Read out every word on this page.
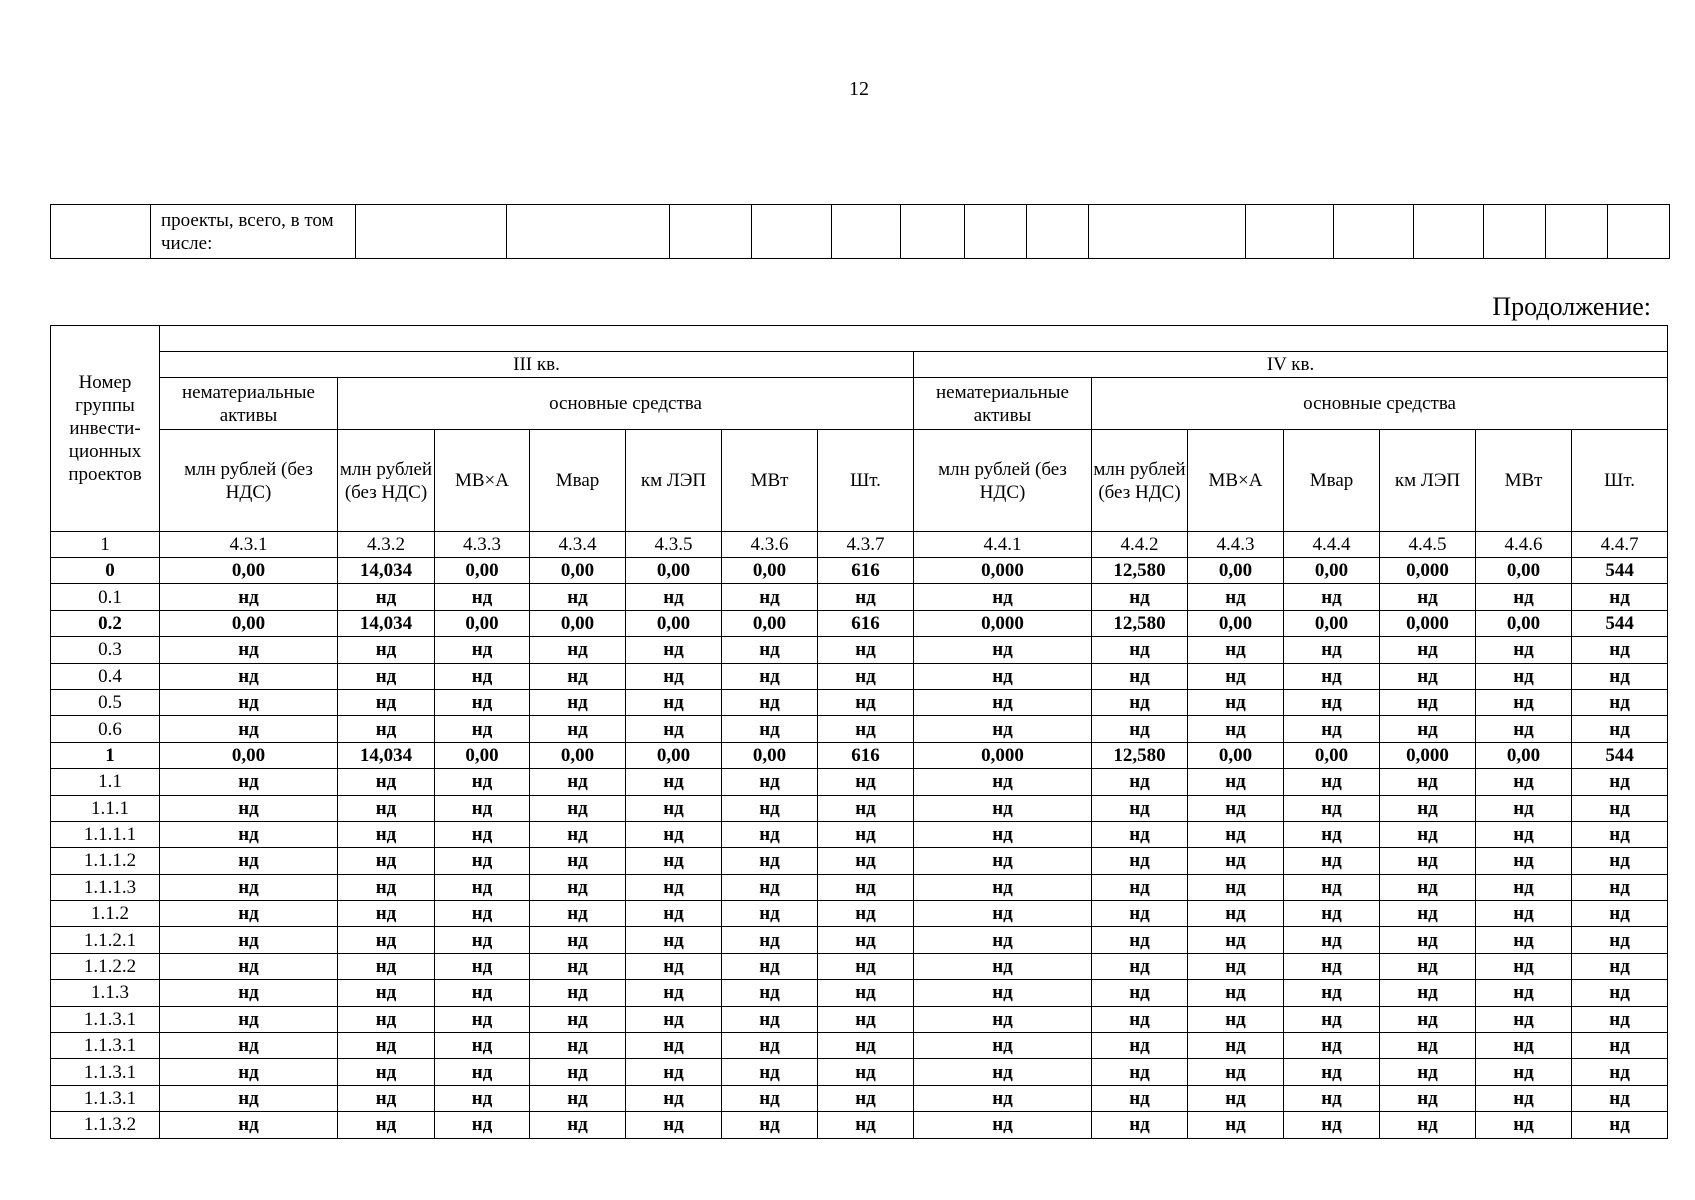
12
	проекты, всего, в том числе:															
Продолжение:
Номер группы инвести-ционных проектов														
	III кв.							IV кв.						
	нематериальные активы	основные средства						нематериальные активы	основные средства					
	млн рублей (без НДС)	млн рублей (без НДС)	МВ×А	Мвар	км ЛЭП	МВт	Шт.	млн рублей (без НДС)	млн рублей (без НДС)	МВ×А	Мвар	км ЛЭП	МВт	Шт.
1	4.3.1	4.3.2	4.3.3	4.3.4	4.3.5	4.3.6	4.3.7	4.4.1	4.4.2	4.4.3	4.4.4	4.4.5	4.4.6	4.4.7
0	0,00	14,034	0,00	0,00	0,00	0,00	616	0,000	12,580	0,00	0,00	0,000	0,00	544
0.1	нд	нд	нд	нд	нд	нд	нд	нд	нд	нд	нд	нд	нд	нд
0.2	0,00	14,034	0,00	0,00	0,00	0,00	616	0,000	12,580	0,00	0,00	0,000	0,00	544
0.3	нд	нд	нд	нд	нд	нд	нд	нд	нд	нд	нд	нд	нд	нд
0.4	нд	нд	нд	нд	нд	нд	нд	нд	нд	нд	нд	нд	нд	нд
0.5	нд	нд	нд	нд	нд	нд	нд	нд	нд	нд	нд	нд	нд	нд
0.6	нд	нд	нд	нд	нд	нд	нд	нд	нд	нд	нд	нд	нд	нд
1	0,00	14,034	0,00	0,00	0,00	0,00	616	0,000	12,580	0,00	0,00	0,000	0,00	544
1.1	нд	нд	нд	нд	нд	нд	нд	нд	нд	нд	нд	нд	нд	нд
1.1.1	нд	нд	нд	нд	нд	нд	нд	нд	нд	нд	нд	нд	нд	нд
1.1.1.1	нд	нд	нд	нд	нд	нд	нд	нд	нд	нд	нд	нд	нд	нд
1.1.1.2	нд	нд	нд	нд	нд	нд	нд	нд	нд	нд	нд	нд	нд	нд
1.1.1.3	нд	нд	нд	нд	нд	нд	нд	нд	нд	нд	нд	нд	нд	нд
1.1.2	нд	нд	нд	нд	нд	нд	нд	нд	нд	нд	нд	нд	нд	нд
1.1.2.1	нд	нд	нд	нд	нд	нд	нд	нд	нд	нд	нд	нд	нд	нд
1.1.2.2	нд	нд	нд	нд	нд	нд	нд	нд	нд	нд	нд	нд	нд	нд
1.1.3	нд	нд	нд	нд	нд	нд	нд	нд	нд	нд	нд	нд	нд	нд
1.1.3.1	нд	нд	нд	нд	нд	нд	нд	нд	нд	нд	нд	нд	нд	нд
1.1.3.1	нд	нд	нд	нд	нд	нд	нд	нд	нд	нд	нд	нд	нд	нд
1.1.3.1	нд	нд	нд	нд	нд	нд	нд	нд	нд	нд	нд	нд	нд	нд
1.1.3.1	нд	нд	нд	нд	нд	нд	нд	нд	нд	нд	нд	нд	нд	нд
1.1.3.2	нд	нд	нд	нд	нд	нд	нд	нд	нд	нд	нд	нд	нд	нд
